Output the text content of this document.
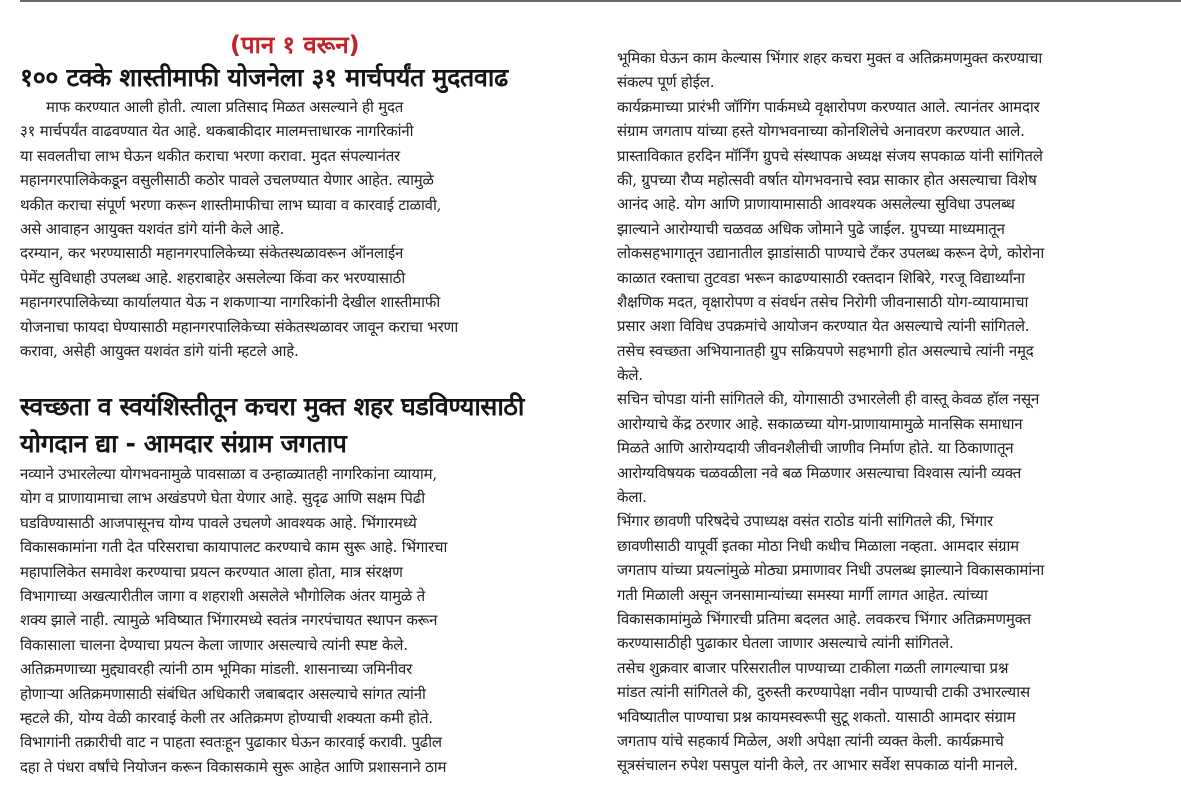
(पान १ वरून)
१०० टक्के शास्तीमाफी योजनेला ३१ मार्चपर्यंत मुदतवाढ
माफ करण्यात आली होती. त्याला प्रतिसाद मिळत असल्याने ही मुदत
३१ मार्चपर्यंत वाढवण्यात येत आहे. थकबाकीदार मालमत्ताधारक नागरिकांनी
या सवलतीचा लाभ घेऊन थकीत कराचा भरणा करावा. मुदत संपल्यानंतर
महानगरपालिकेकडून वसुलीसाठी कठोर पावले उचलण्यात येणार आहेत. त्यामुळे
थकीत कराचा संपूर्ण भरणा करून शास्तीमाफीचा लाभ घ्यावा व कारवाई टाळावी,
असे आवाहन आयुक्त यशवंत डांगे यांनी केले आहे.
दरम्यान, कर भरण्यासाठी महानगरपालिकेच्या संकेतस्थळावरून ऑनलाईन
पेमेंट सुविधाही उपलब्ध आहे. शहराबाहेर असलेल्या किंवा कर भरण्यासाठी
महानगरपालिकेच्या कार्यालयात येऊ न शकणाऱ्या नागरिकांनी देखील शास्तीमाफी
योजनाचा फायदा घेण्यासाठी महानगरपालिकेच्या संकेतस्थळावर जावून कराचा भरणा
करावा, असेही आयुक्त यशवंत डांगे यांनी म्हटले आहे.
स्वच्छता व स्वयंशिस्तीतून कचरा मुक्त शहर घडविण्यासाठी
योगदान द्या - आमदार संग्राम जगताप
नव्याने उभारलेल्या योगभवनामुळे पावसाळा व उन्हाळ्यातही नागरिकांना व्यायाम,
योग व प्राणायामाचा लाभ अखंडपणे घेता येणार आहे. सुदृढ आणि सक्षम पिढी
घडविण्यासाठी आजपासूनच योग्य पावले उचलणे आवश्यक आहे. भिंगारमध्ये
विकासकामांना गती देत परिसराचा कायापालट करण्याचे काम सुरू आहे. भिंगारचा
महापालिकेत समावेश करण्याचा प्रयत्न करण्यात आला होता, मात्र संरक्षण
विभागाच्या अखत्यारीतील जागा व शहराशी असलेले भौगोलिक अंतर यामुळे ते
शक्य झाले नाही. त्यामुळे भविष्यात भिंगारमध्ये स्वतंत्र नगरपंचायत स्थापन करून
विकासाला चालना देण्याचा प्रयत्न केला जाणार असल्याचे त्यांनी स्पष्ट केले.
अतिक्रमणाच्या मुद्द्यावरही त्यांनी ठाम भूमिका मांडली. शासनाच्या जमिनीवर
होणाऱ्या अतिक्रमणासाठी संबंधित अधिकारी जबाबदार असल्याचे सांगत त्यांनी
म्हटले की, योग्य वेळी कारवाई केली तर अतिक्रमण होण्याची शक्यता कमी होते.
विभागांनी तक्रारीची वाट न पाहता स्वतःहून पुढाकार घेऊन कारवाई करावी. पुढील
दहा ते पंधरा वर्षांचे नियोजन करून विकासकामे सुरू आहेत आणि प्रशासनाने ठाम
भूमिका घेऊन काम केल्यास भिंगार शहर कचरा मुक्त व अतिक्रमणमुक्त करण्याचा
संकल्प पूर्ण होईल.
कार्यक्रमाच्या प्रारंभी जॉगिंग पार्कमध्ये वृक्षारोपण करण्यात आले. त्यानंतर आमदार
संग्राम जगताप यांच्या हस्ते योगभवनाच्या कोनशिलेचे अनावरण करण्यात आले.
प्रास्ताविकात हरदिन मॉर्निंग ग्रुपचे संस्थापक अध्यक्ष संजय सपकाळ यांनी सांगितले
की, ग्रुपच्या रौप्य महोत्सवी वर्षात योगभवनाचे स्वप्न साकार होत असल्याचा विशेष
आनंद आहे. योग आणि प्राणायामासाठी आवश्यक असलेल्या सुविधा उपलब्ध
झाल्याने आरोग्याची चळवळ अधिक जोमाने पुढे जाईल. ग्रुपच्या माध्यमातून
लोकसहभागातून उद्यानातील झाडांसाठी पाण्याचे टँकर उपलब्ध करून देणे, कोरोना
काळात रक्ताचा तुटवडा भरून काढण्यासाठी रक्तदान शिबिरे, गरजू विद्यार्थ्यांना
शैक्षणिक मदत, वृक्षारोपण व संवर्धन तसेच निरोगी जीवनासाठी योग-व्यायामाचा
प्रसार अशा विविध उपक्रमांचे आयोजन करण्यात येत असल्याचे त्यांनी सांगितले.
तसेच स्वच्छता अभियानातही ग्रुप सक्रियपणे सहभागी होत असल्याचे त्यांनी नमूद
केले.
सचिन चोपडा यांनी सांगितले की, योगासाठी उभारलेली ही वास्तू केवळ हॉल नसून
आरोग्याचे केंद्र ठरणार आहे. सकाळच्या योग-प्राणायामामुळे मानसिक समाधान
मिळते आणि आरोग्यदायी जीवनशैलीची जाणीव निर्माण होते. या ठिकाणातून
आरोग्यविषयक चळवळीला नवे बळ मिळणार असल्याचा विश्वास त्यांनी व्यक्त
केला.
भिंगार छावणी परिषदेचे उपाध्यक्ष वसंत राठोड यांनी सांगितले की, भिंगार
छावणीसाठी यापूर्वी इतका मोठा निधी कधीच मिळाला नव्हता. आमदार संग्राम
जगताप यांच्या प्रयत्नांमुळे मोठ्या प्रमाणावर निधी उपलब्ध झाल्याने विकासकामांना
गती मिळाली असून जनसामान्यांच्या समस्या मार्गी लागत आहेत. त्यांच्या
विकासकामांमुळे भिंगारची प्रतिमा बदलत आहे. लवकरच भिंगार अतिक्रमणमुक्त
करण्यासाठीही पुढाकार घेतला जाणार असल्याचे त्यांनी सांगितले.
तसेच शुक्रवार बाजार परिसरातील पाण्याच्या टाकीला गळती लागल्याचा प्रश्न
मांडत त्यांनी सांगितले की, दुरुस्ती करण्यापेक्षा नवीन पाण्याची टाकी उभारल्यास
भविष्यातील पाण्याचा प्रश्न कायमस्वरूपी सुटू शकतो. यासाठी आमदार संग्राम
जगताप यांचे सहकार्य मिळेल, अशी अपेक्षा त्यांनी व्यक्त केली. कार्यक्रमाचे
सूत्रसंचालन रुपेश पसपुल यांनी केले, तर आभार सर्वेश सपकाळ यांनी मानले.
